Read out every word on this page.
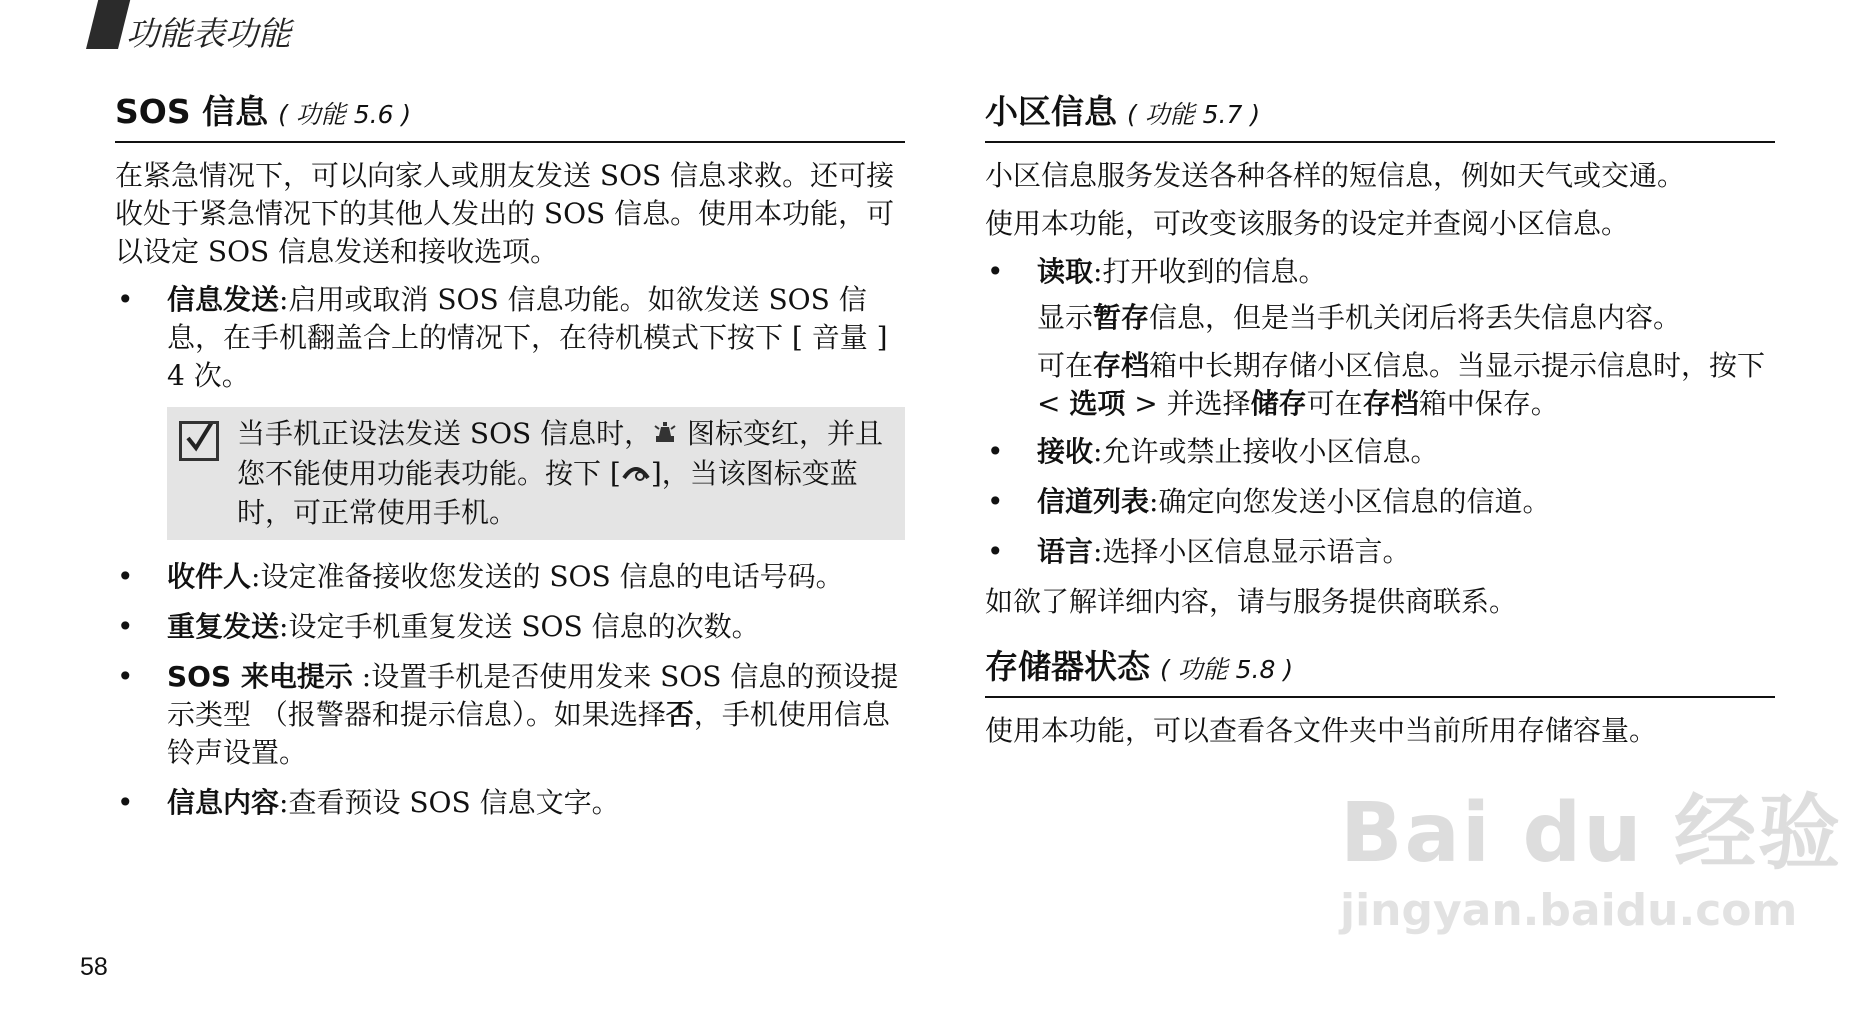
功能表功能
SOS 信息 ( 功能 5.6 )

在紧急情况下，可以向家人或朋友发送 SOS 信息求救。还可接收处于紧急情况下的其他人发出的 SOS 信息。使用本功能，可以设定 SOS 信息发送和接收选项。

• 信息发送:启用或取消 SOS 信息功能。如欲发送 SOS 信息，在手机翻盖合上的情况下，在待机模式下按下 [ 音量 ] 4 次。
当手机正设法发送 SOS 信息时， 图标变红，并且您不能使用功能表功能。按下 [ ]，当该图标变蓝时，可正常使用手机。
• 收件人:设定准备接收您发送的 SOS 信息的电话号码。
• 重复发送:设定手机重复发送 SOS 信息的次数。
• SOS 来电提示 :设置手机是否使用发来 SOS 信息的预设提示类型 （报警器和提示信息）。如果选择否，手机使用信息铃声设置。
• 信息内容:查看预设 SOS 信息文字。
小区信息 ( 功能 5.7 )

小区信息服务发送各种各样的短信息，例如天气或交通。

使用本功能，可改变该服务的设定并查阅小区信息。

• 读取:打开收到的信息。
显示暂存信息，但是当手机关闭后将丢失信息内容。
可在存档箱中长期存储小区信息。当显示提示信息时，按下 < 选项 > 并选择储存可在存档箱中保存。
• 接收:允许或禁止接收小区信息。
• 信道列表:确定向您发送小区信息的信道。
• 语言:选择小区信息显示语言。

如欲了解详细内容，请与服务提供商联系。

存储器状态 ( 功能 5.8 )

使用本功能，可以查看各文件夹中当前所用存储容量。

58
Bai du 经验
jingyan.baidu.com
